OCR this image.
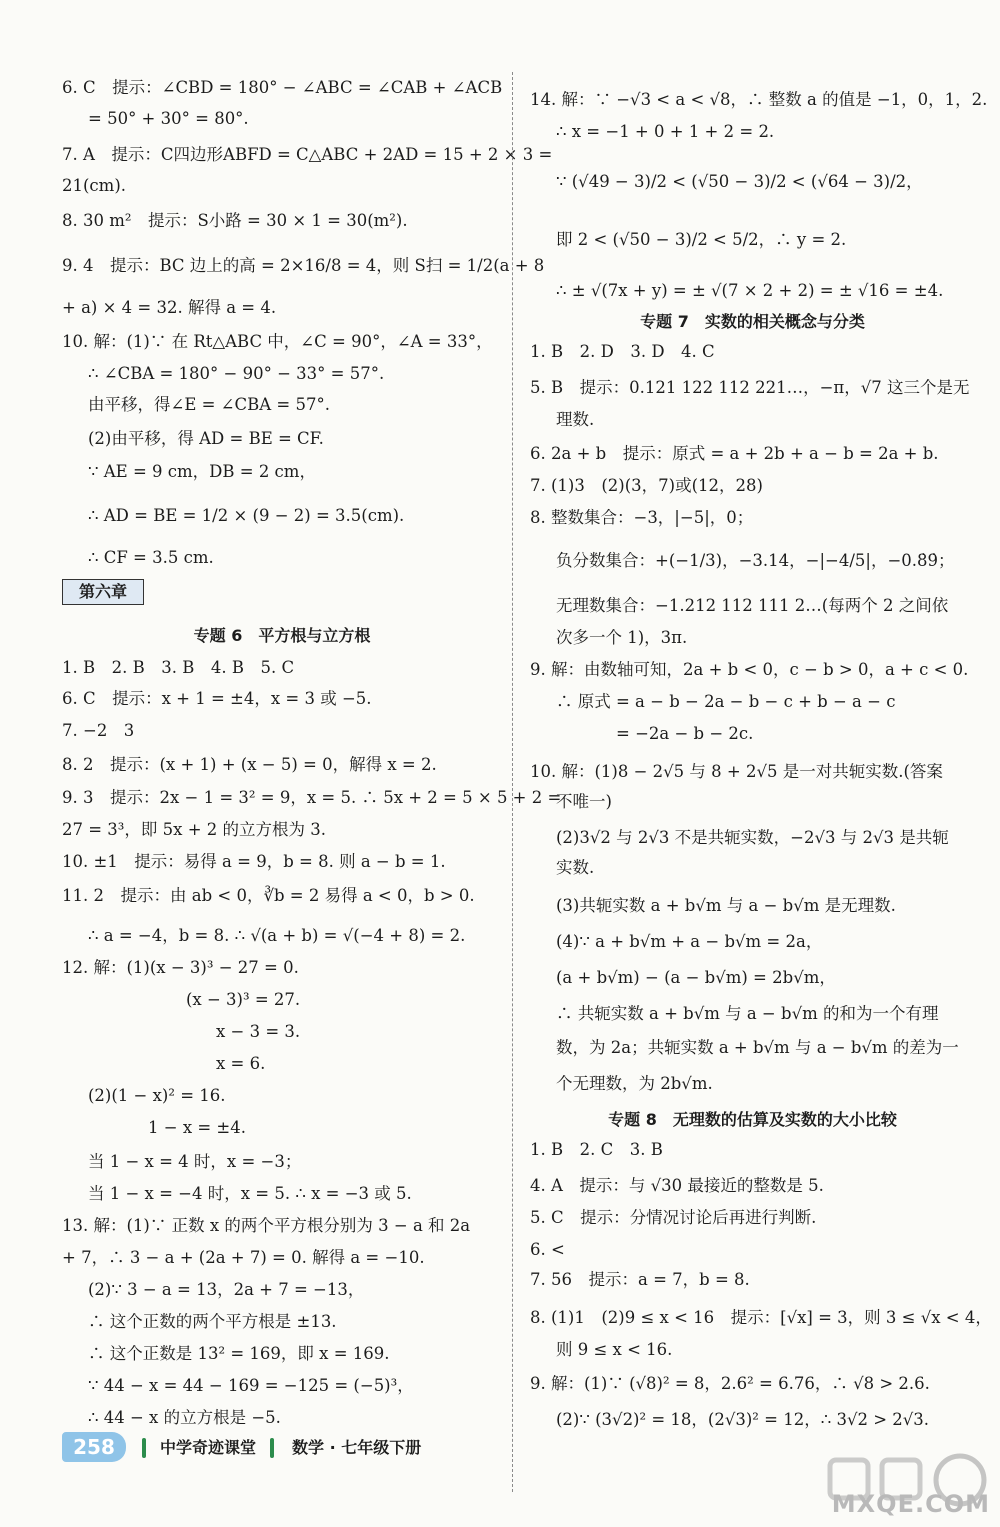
6. C　提示：∠CBD = 180° − ∠ABC = ∠CAB + ∠ACB
= 50° + 30° = 80°.
7. A　提示：C四边形ABFD = C△ABC + 2AD = 15 + 2 × 3 =
21(cm).
8. 30 m²　提示：S小路 = 30 × 1 = 30(m²).
9. 4　提示：BC 边上的高 = 2×16/8 = 4，则 S扫 = 1/2(a + 8
+ a) × 4 = 32. 解得 a = 4.
10. 解：(1)∵ 在 Rt△ABC 中，∠C = 90°，∠A = 33°，
∴ ∠CBA = 180° − 90° − 33° = 57°.
由平移，得∠E = ∠CBA = 57°.
(2)由平移，得 AD = BE = CF.
∵ AE = 9 cm，DB = 2 cm，
∴ AD = BE = 1/2 × (9 − 2) = 3.5(cm).
∴ CF = 3.5 cm.
专题 6　平方根与立方根
1. B　2. B　3. B　4. B　5. C
6. C　提示：x + 1 = ±4，x = 3 或 −5.
7. −2　3
8. 2　提示：(x + 1) + (x − 5) = 0，解得 x = 2.
9. 3　提示：2x − 1 = 3² = 9，x = 5. ∴ 5x + 2 = 5 × 5 + 2 =
27 = 3³，即 5x + 2 的立方根为 3.
10. ±1　提示：易得 a = 9，b = 8. 则 a − b = 1.
11. 2　提示：由 ab < 0，∛b = 2 易得 a < 0，b > 0.
∴ a = −4，b = 8. ∴ √(a + b) = √(−4 + 8) = 2.
12. 解：(1)(x − 3)³ − 27 = 0.
(x − 3)³ = 27.
x − 3 = 3.
x = 6.
(2)(1 − x)² = 16.
1 − x = ±4.
当 1 − x = 4 时，x = −3；
当 1 − x = −4 时，x = 5. ∴ x = −3 或 5.
13. 解：(1)∵ 正数 x 的两个平方根分别为 3 − a 和 2a
+ 7，∴ 3 − a + (2a + 7) = 0. 解得 a = −10.
(2)∵ 3 − a = 13，2a + 7 = −13，
∴ 这个正数的两个平方根是 ±13.
∴ 这个正数是 13² = 169，即 x = 169.
∵ 44 − x = 44 − 169 = −125 = (−5)³，
∴ 44 − x 的立方根是 −5.
第六章
14. 解：∵ −√3 < a < √8，∴ 整数 a 的值是 −1，0，1，2.
∴ x = −1 + 0 + 1 + 2 = 2.
∵ (√49 − 3)/2 < (√50 − 3)/2 < (√64 − 3)/2，
即 2 < (√50 − 3)/2 < 5/2，∴ y = 2.
∴ ± √(7x + y) = ± √(7 × 2 + 2) = ± √16 = ±4.
专题 7　实数的相关概念与分类
1. B　2. D　3. D　4. C
5. B　提示：0.121 122 112 221…，−π，√7 这三个是无
理数.
6. 2a + b　提示：原式 = a + 2b + a − b = 2a + b.
7. (1)3　(2)(3，7)或(12，28)
8. 整数集合：−3，|−5|，0；
负分数集合：+(−1/3)，−3.14，−|−4/5|，−0.8̇9̇；
无理数集合：−1.212 112 111 2…(每两个 2 之间依
次多一个 1)，3π.
9. 解：由数轴可知，2a + b < 0，c − b > 0，a + c < 0.
∴ 原式 = a − b − 2a − b − c + b − a − c
= −2a − b − 2c.
10. 解：(1)8 − 2√5 与 8 + 2√5 是一对共轭实数.(答案
不唯一)
(2)3√2 与 2√3 不是共轭实数，−2√3 与 2√3 是共轭
实数.
(3)共轭实数 a + b√m 与 a − b√m 是无理数.
(4)∵ a + b√m + a − b√m = 2a，
(a + b√m) − (a − b√m) = 2b√m，
∴ 共轭实数 a + b√m 与 a − b√m 的和为一个有理
数，为 2a；共轭实数 a + b√m 与 a − b√m 的差为一
个无理数，为 2b√m.
专题 8　无理数的估算及实数的大小比较
1. B　2. C　3. B
4. A　提示：与 √30 最接近的整数是 5.
5. C　提示：分情况讨论后再进行判断.
6. <
7. 56　提示：a = 7，b = 8.
8. (1)1　(2)9 ≤ x < 16　提示：[√x] = 3，则 3 ≤ √x < 4，
则 9 ≤ x < 16.
9. 解：(1)∵ (√8)² = 8，2.6² = 6.76，∴ √8 > 2.6.
(2)∵ (3√2)² = 18，(2√3)² = 12，∴ 3√2 > 2√3.
258	中学奇迹课堂 数学 · 七年级下册
MXQE.COM
